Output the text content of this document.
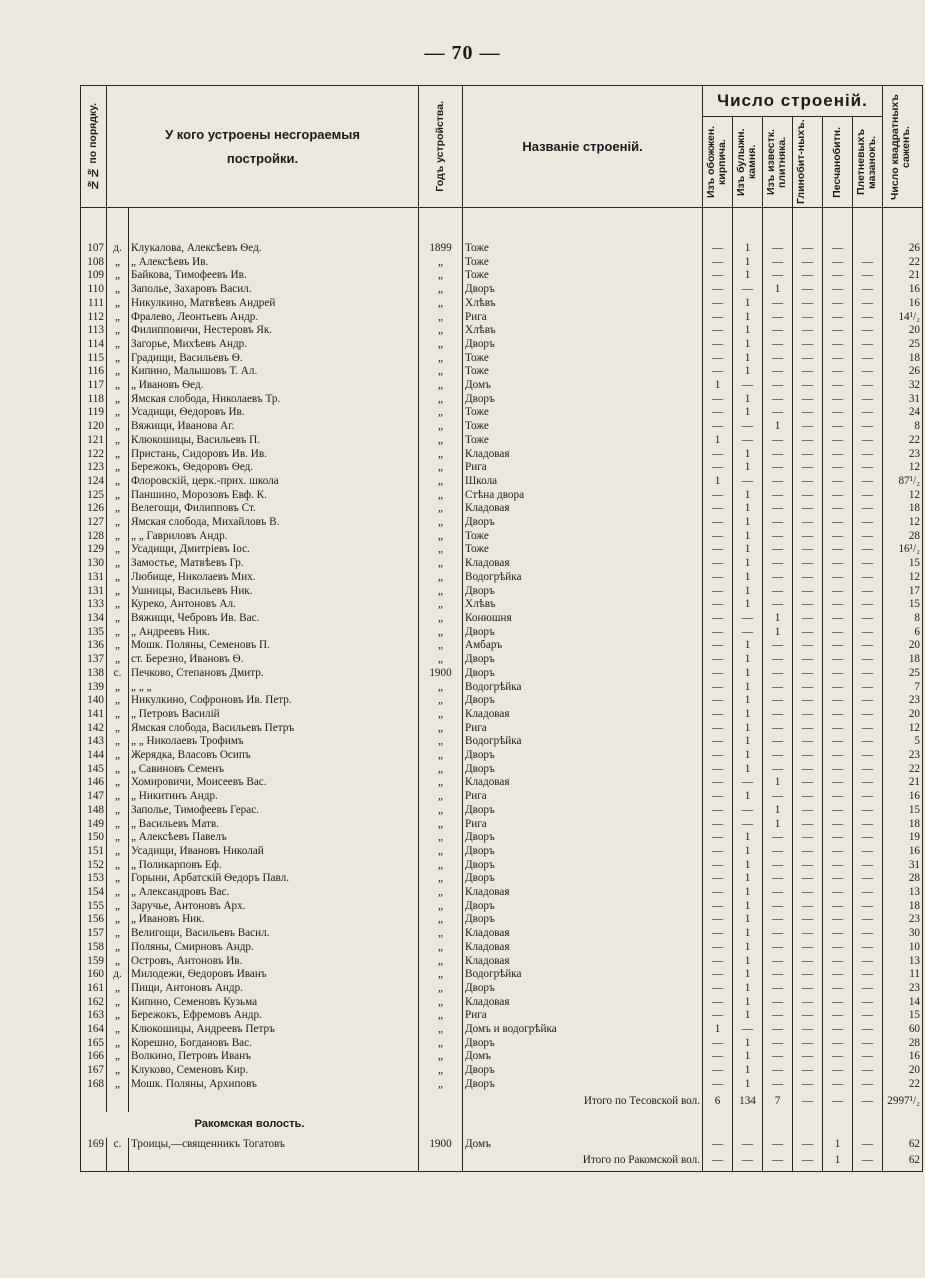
— 70 —
№№ по порядку.	У кого устроены несгораемыя постройки.		Годъ устройства.	Названіе строеній.	Число строеній.						Число квадратныхъ саженъ.

					Изъ обожжен. кирпича.	Изъ булыжн. камня.	Изъ известк. плитняка.	Глинобит-ныхъ.	Песчанобитн.	Плетневыхъ мазанокъ.	

107	д.	Клукалова, Алексѣевъ Ѳед.	1899	Тоже	—	1	—	—	—		26
108	„	„ Алексѣевъ Ив.	„	Тоже	—	1	—	—	—	—	22
109	„	Байкова, Тимофеевъ Ив.	„	Тоже	—	1	—	—	—	—	21
110	„	Заполье, Захаровъ Васил.	„	Дворъ	—	—	1	—	—	—	16
111	„	Никулкино, Матвѣевъ Андрей	„	Хлѣвъ	—	1	—	—	—	—	16
112	„	Фралево, Леонтьевъ Андр.	„	Рига	—	1	—	—	—	—	14¹/₂
113	„	Филипповичи, Нестеровъ Як.	„	Хлѣвъ	—	1	—	—	—	—	20
114	„	Загорье, Михѣевъ Андр.	„	Дворъ	—	1	—	—	—	—	25
115	„	Градищи, Васильевъ Ѳ.	„	Тоже	—	1	—	—	—	—	18
116	„	Кипино, Малышовъ Т. Ал.	„	Тоже	—	1	—	—	—	—	26
117	„	„ Ивановъ Ѳед.	„	Домъ	1	—	—	—	—	—	32
118	„	Ямская слобода, Николаевъ Тр.	„	Дворъ	—	1	—	—	—	—	31
119	„	Усадищи, Ѳедоровъ Ив.	„	Тоже	—	1	—	—	—	—	24
120	„	Вяжищи, Иванова Аг.	„	Тоже	—	—	1	—	—	—	8
121	„	Клюкошицы, Васильевъ П.	„	Тоже	1	—	—	—	—	—	22
122	„	Пристань, Сидоровъ Ив. Ив.	„	Кладовая	—	1	—	—	—	—	23
123	„	Бережокъ, Ѳедоровъ Ѳед.	„	Рига	—	1	—	—	—	—	12
124	„	Флоровскій, церк.-прих. школа	„	Школа	1	—	—	—	—	—	87¹/₂
125	„	Паншино, Морозовъ Евф. К.	„	Стѣна двора	—	1	—	—	—	—	12
126	„	Велегощи, Филипповъ Ст.	„	Кладовая	—	1	—	—	—	—	18
127	„	Ямская слобода, Михайловъ В.	„	Дворъ	—	1	—	—	—	—	12
128	„	„ „ Гавриловъ Андр.	„	Тоже	—	1	—	—	—	—	28
129	„	Усадищи, Дмитріевъ Іос.	„	Тоже	—	1	—	—	—	—	16¹/₂
130	„	Замостье, Матвѣевъ Гр.	„	Кладовая	—	1	—	—	—	—	15
131	„	Любище, Николаевъ Мих.	„	Водогрѣйка	—	1	—	—	—	—	12
131	„	Ушницы, Васильевъ Ник.	„	Дворъ	—	1	—	—	—	—	17
133	„	Куреко, Антоновъ Ал.	„	Хлѣвъ	—	1	—	—	—	—	15
134	„	Вяжищи, Чебровъ Ив. Вас.	„	Конюшня	—	—	1	—	—	—	8
135	„	„ Андреевъ Ник.	„	Дворъ	—	—	1	—	—	—	6
136	„	Мошк. Поляны, Семеновъ П.	„	Амбаръ	—	1	—	—	—	—	20
137	„	ст. Березно, Ивановъ Ѳ.	„	Дворъ	—	1	—	—	—	—	18
138	с.	Печково, Степановъ Дмитр.	1900	Дворъ	—	1	—	—	—	—	25
139	„	„ „ „	„	Водогрѣйка	—	1	—	—	—	—	7
140	„	Никулкино, Софроновъ Ив. Петр.	„	Дворъ	—	1	—	—	—	—	23
141	„	„ Петровъ Василій	„	Кладовая	—	1	—	—	—	—	20
142	„	Ямская слобода, Васильевъ Петръ	„	Рига	—	1	—	—	—	—	12
143	„	„ „ Николаевъ Трофимъ	„	Водогрѣйка	—	1	—	—	—	—	5
144	„	Жерядка, Власовъ Осипъ	„	Дворъ	—	1	—	—	—	—	23
145	„	„ Савиновъ Семенъ	„	Дворъ	—	1	—	—	—	—	22
146	„	Хомировичи, Моисеевъ Вас.	„	Кладовая	—	—	1	—	—	—	21
147	„	„ Никитинъ Андр.	„	Рига	—	1	—	—	—	—	16
148	„	Заполье, Тимофеевъ Герас.	„	Дворъ	—	—	1	—	—	—	15
149	„	„ Васильевъ Матв.	„	Рига	—	—	1	—	—	—	18
150	„	„ Алексѣевъ Павелъ	„	Дворъ	—	1	—	—	—	—	19
151	„	Усадищи, Ивановъ Николай	„	Дворъ	—	1	—	—	—	—	16
152	„	„ Поликарповъ Еф.	„	Дворъ	—	1	—	—	—	—	31
153	„	Горыни, Арбатскій Ѳедоръ Павл.	„	Дворъ	—	1	—	—	—	—	28
154	„	„ Александровъ Вас.	„	Кладовая	—	1	—	—	—	—	13
155	„	Заручье, Антоновъ Арх.	„	Дворъ	—	1	—	—	—	—	18
156	„	„ Ивановъ Ник.	„	Дворъ	—	1	—	—	—	—	23
157	„	Велигощи, Васильевъ Васил.	„	Кладовая	—	1	—	—	—	—	30
158	„	Поляны, Смирновъ Андр.	„	Кладовая	—	1	—	—	—	—	10
159	„	Островъ, Антоновъ Ив.	„	Кладовая	—	1	—	—	—	—	13
160	д.	Милодежи, Ѳедоровъ Иванъ	„	Водогрѣйка	—	1	—	—	—	—	11
161	„	Пищи, Антоновъ Андр.	„	Дворъ	—	1	—	—	—	—	23
162	„	Кипино, Семеновъ Кузьма	„	Кладовая	—	1	—	—	—	—	14
163	„	Бережокъ, Ефремовъ Андр.	„	Рига	—	1	—	—	—	—	15
164	„	Клюкошицы, Андреевъ Петръ	„	Домъ и водогрѣйка	1	—	—	—	—	—	60
165	„	Корешно, Богдановъ Вас.	„	Дворъ	—	1	—	—	—	—	28
166	„	Волкино, Петровъ Иванъ	„	Домъ	—	1	—	—	—	—	16
167	„	Клуково, Семеновъ Кир.	„	Дворъ	—	1	—	—	—	—	20
168	„	Мошк. Поляны, Архиповъ	„	Дворъ	—	1	—	—	—	—	22
				Итого по Тесовской вол.	6	134	7	—	—	—	2997¹/₂
Ракомская волость.											
169	с.	Троицы,—священникъ Тогатовъ	1900	Домъ	—	—	—	—	1	—	62
				Итого по Ракомской вол.	—	—	—	—	1	—	62
